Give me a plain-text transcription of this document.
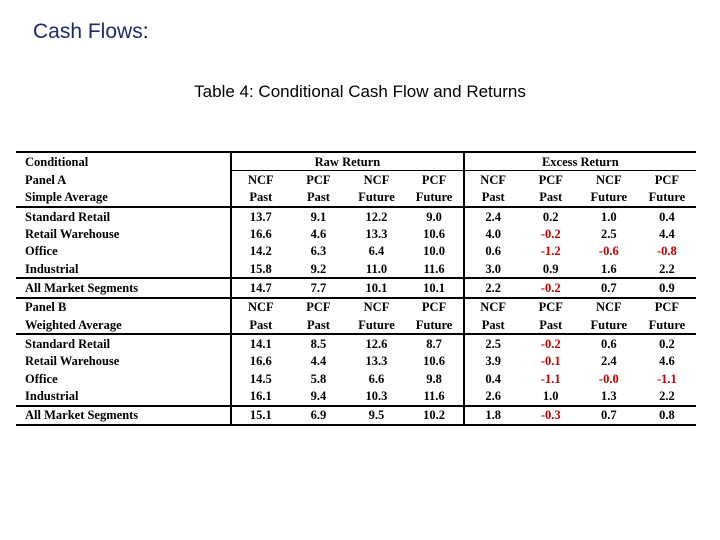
Cash Flows:
Table 4: Conditional Cash Flow and Returns
Conditional	Raw Return				Excess Return			
Panel A	NCF	PCF	NCF	PCF	NCF	PCF	NCF	PCF
Simple Average	Past	Past	Future	Future	Past	Past	Future	Future
Standard Retail	13.7	9.1	12.2	9.0	2.4	0.2	1.0	0.4
Retail Warehouse	16.6	4.6	13.3	10.6	4.0	-0.2	2.5	4.4
Office	14.2	6.3	6.4	10.0	0.6	-1.2	-0.6	-0.8
Industrial	15.8	9.2	11.0	11.6	3.0	0.9	1.6	2.2
All Market Segments	14.7	7.7	10.1	10.1	2.2	-0.2	0.7	0.9
Panel B	NCF	PCF	NCF	PCF	NCF	PCF	NCF	PCF
Weighted Average	Past	Past	Future	Future	Past	Past	Future	Future
Standard Retail	14.1	8.5	12.6	8.7	2.5	-0.2	0.6	0.2
Retail Warehouse	16.6	4.4	13.3	10.6	3.9	-0.1	2.4	4.6
Office	14.5	5.8	6.6	9.8	0.4	-1.1	-0.0	-1.1
Industrial	16.1	9.4	10.3	11.6	2.6	1.0	1.3	2.2
All Market Segments	15.1	6.9	9.5	10.2	1.8	-0.3	0.7	0.8
